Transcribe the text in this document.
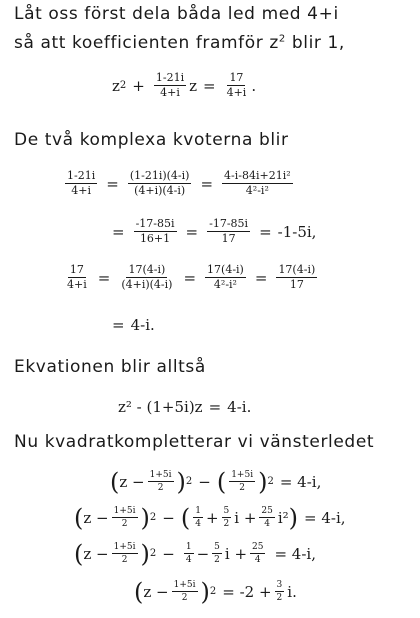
Låt oss först dela båda led med 4+i
så att koefficienten framför $z^2$ blir 1,
z $2 + \frac{1-21i}{4+i}$ $z = \frac{17}{4+i}$ .
De två komplexa kvoterna blir
$\frac{1-21i}{4+i} = \frac{(1-21i)(4-i)}{(4+i)(4-i)} = \frac{\text{4-i-84i+21i²}}{\text{4²-i²}}$
= $\frac{-17-85i}{16+1} = \frac{-17-85i}{17} = -1-5i$,
$\frac{17}{4+i} = \frac{17(4-i)}{(4+i)(4-i)} = \frac{17(4-i)}{\text{4²-i²}} = \frac{17(4-i)}{17}$
= 4-i.
Ekvationen blir alltså
z² - (1+5i)z = 4-i.
Nu kvadratkompletterar vi vänsterledet
( $z - \frac{1+5i}{2}$ ) 2 − ( $\frac{1+5i}{2}$ ) 2 = 4-i,
( $z - \frac{1+5i}{2}$ ) 2 − ( $\frac{1}{4} + \frac{5}{2}$ $i + \frac{25}{4} i^2$ ) = 4-i,
( $z - \frac{1+5i}{2}$ ) $2 - \frac{1}{4} - \frac{5}{2}$ $i + \frac{25}{4} = 4-i$,
( $z - \frac{1+5i}{2}$ ) $2 = -2 + \frac{3}{2} i$.
